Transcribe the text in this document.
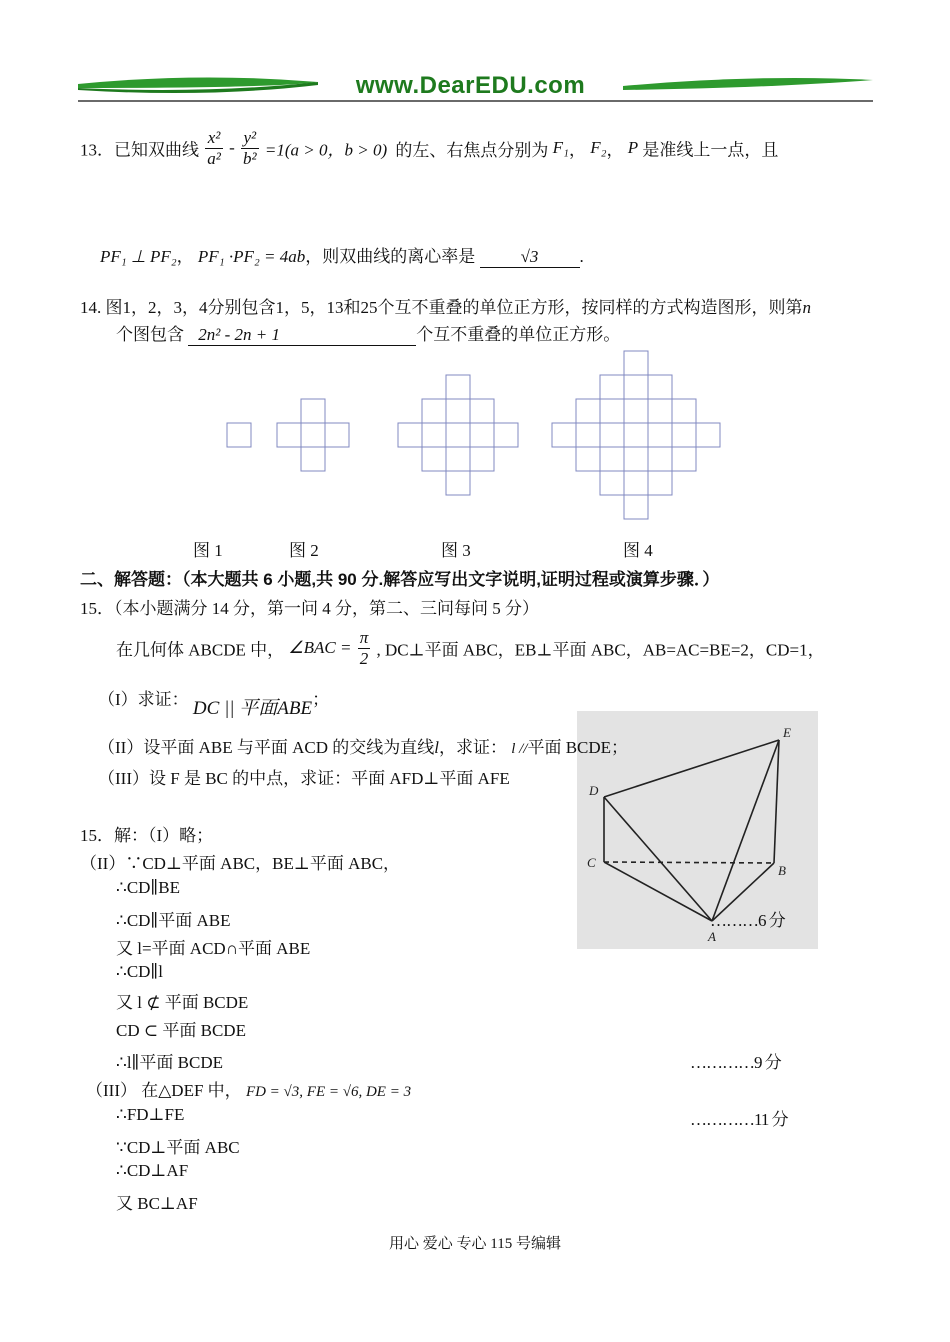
www.DearEDU.com
13．已知双曲线 $\frac{\text{x²}}{\text{a²}} - \frac{\text{y²}}{\text{b²}} =1(a > 0$，b > 0) 的左、右焦点分别为 F₁， F₂， P 是准线上一点，且
PF₁ ⊥ PF₂， PF₁ ·PF₂ = 4ab，则双曲线的离心率是	√3 .
14. 图1，2，3，4分别包含1，5，13和25个互不重叠的单位正方形，按同样的方式构造图形，则第n
个图包含 2n² - 2n + 1	个互不重叠的单位正方形。
图 1	图 2	图 3	图 4
二、解答题：（本大题共 6 小题,共 90 分.解答应写出文字说明,证明过程或演算步骤．）
15．（本小题满分 14 分，第一问 4 分，第二、三问每问 5 分）
在几何体 ABCDE 中， ∠BAC = $\frac{\pi}{2}$ , DC⊥平面 ABC，EB⊥平面 ABC，AB=AC=BE=2，CD=1，
（I）求证： DC || 平面ABE；
E
D
C
B
A
（II）设平面 ABE 与平面 ACD 的交线为直线l，求证： l //平面 BCDE；
（III）设 F 是 BC 的中点，求证：平面 AFD⊥平面 AFE
15．解：（I）略；
（II）∵CD⊥平面 ABC，BE⊥平面 ABC，
∴CD∥BE
∴CD∥平面 ABE	………6 分
又 l=平面 ACD∩平面 ABE
∴CD∥l
又 l ⊄ 平面 BCDE
CD ⊂ 平面 BCDE
∴l∥平面 BCDE	…………9 分
（III） 在△DEF 中， FD = √3, FE = √6, DE = 3
∴FD⊥FE	…………11 分
∵CD⊥平面 ABC
∴CD⊥AF
又 BC⊥AF
用心 爱心 专心 115 号编辑
